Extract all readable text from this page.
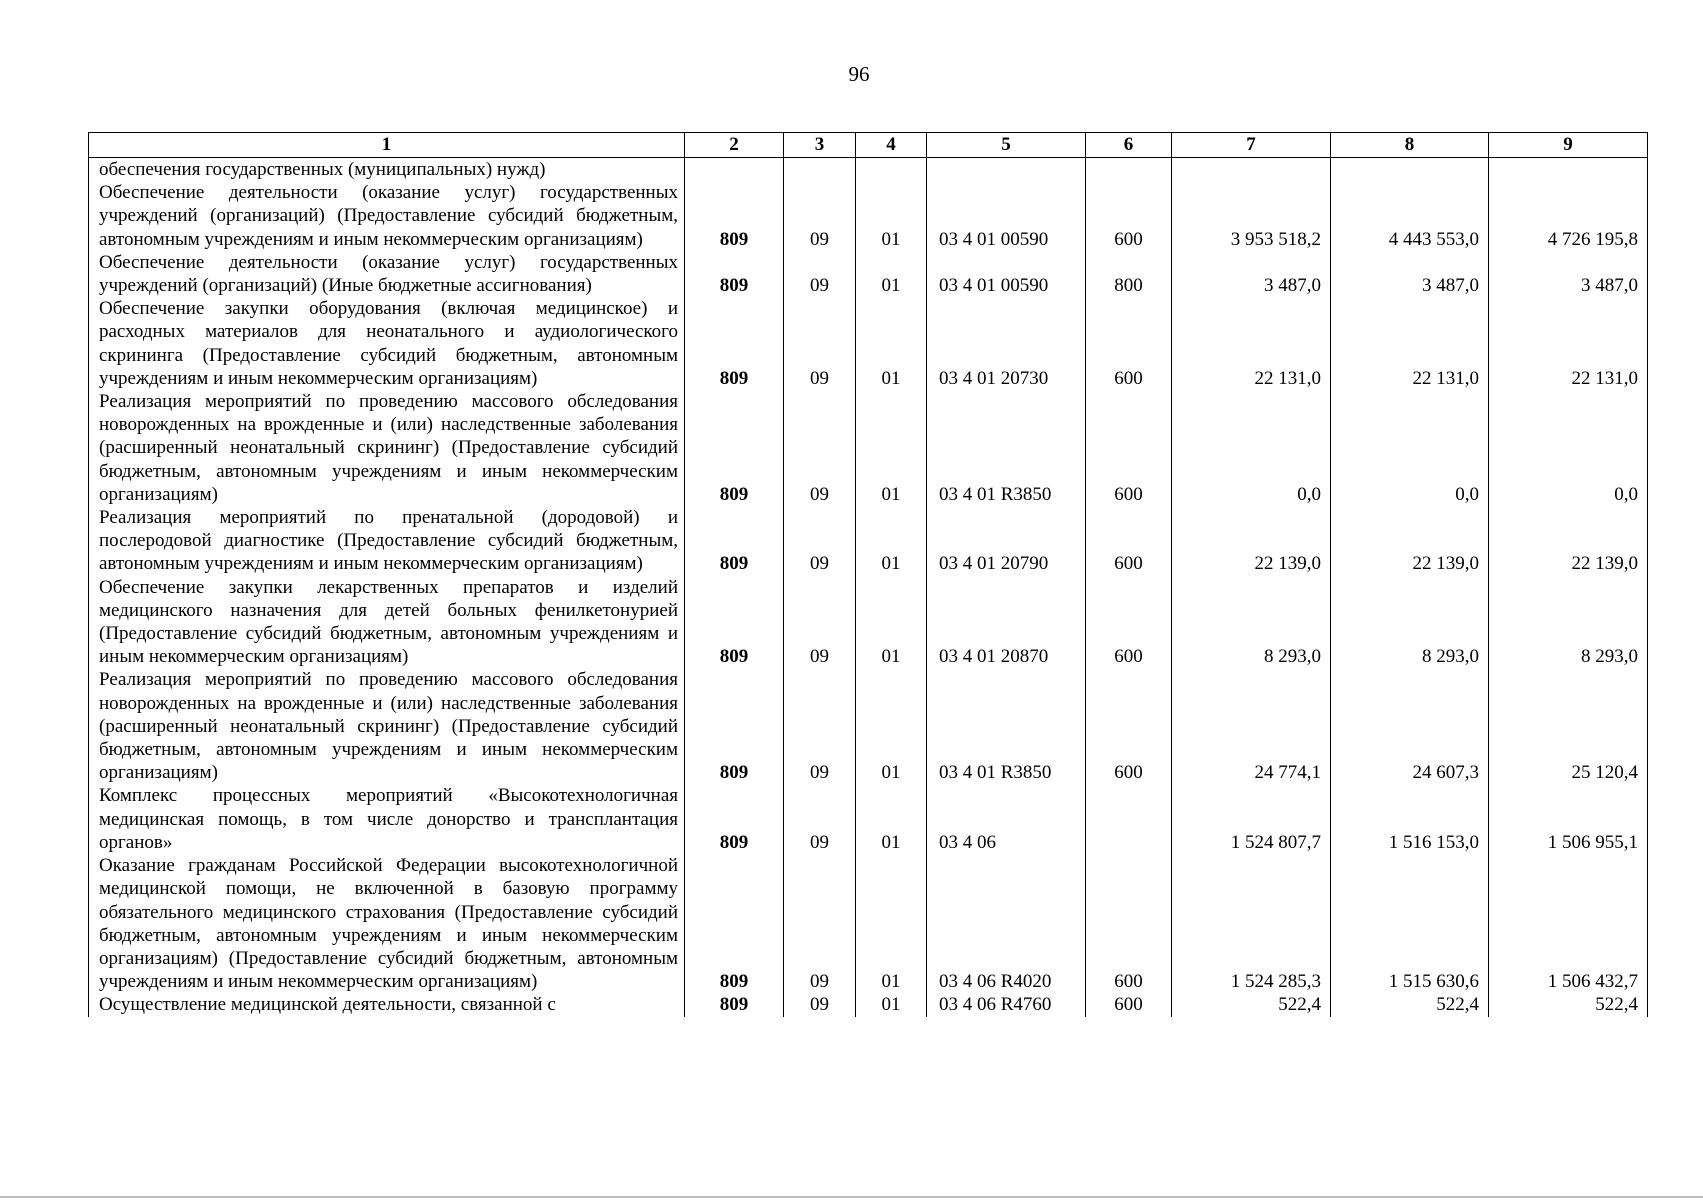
96
1	2	3	4	5	6	7	8	9
обеспечения государственных (муниципальных) нужд)								
Обеспечение деятельности (оказание услуг) государственных учреждений (организаций) (Предоставление субсидий бюджетным, автономным учреждениям и иным некоммерческим организациям)	809	09	01	03 4 01 00590	600	3 953 518,2	4 443 553,0	4 726 195,8
Обеспечение деятельности (оказание услуг) государственных учреждений (организаций) (Иные бюджетные ассигнования)	809	09	01	03 4 01 00590	800	3 487,0	3 487,0	3 487,0
Обеспечение закупки оборудования (включая медицинское) и расходных материалов для неонатального и аудиологического скрининга (Предоставление субсидий бюджетным, автономным учреждениям и иным некоммерческим организациям)	809	09	01	03 4 01 20730	600	22 131,0	22 131,0	22 131,0
Реализация мероприятий по проведению массового обследования новорожденных на врожденные и (или) наследственные заболевания (расширенный неонатальный скрининг) (Предоставление субсидий бюджетным, автономным учреждениям и иным некоммерческим организациям)	809	09	01	03 4 01 R3850	600	0,0	0,0	0,0
Реализация мероприятий по пренатальной (дородовой) и послеродовой диагностике (Предоставление субсидий бюджетным, автономным учреждениям и иным некоммерческим организациям)	809	09	01	03 4 01 20790	600	22 139,0	22 139,0	22 139,0
Обеспечение закупки лекарственных препаратов и изделий медицинского назначения для детей больных фенилкетонурией (Предоставление субсидий бюджетным, автономным учреждениям и иным некоммерческим организациям)	809	09	01	03 4 01 20870	600	8 293,0	8 293,0	8 293,0
Реализация мероприятий по проведению массового обследования новорожденных на врожденные и (или) наследственные заболевания (расширенный неонатальный скрининг) (Предоставление субсидий бюджетным, автономным учреждениям и иным некоммерческим организациям)	809	09	01	03 4 01 R3850	600	24 774,1	24 607,3	25 120,4
Комплекс процессных мероприятий «Высокотехнологичная медицинская помощь, в том числе донорство и трансплантация органов»	809	09	01	03 4 06		1 524 807,7	1 516 153,0	1 506 955,1
Оказание гражданам Российской Федерации высокотехнологичной медицинской помощи, не включенной в базовую программу обязательного медицинского страхования (Предоставление субсидий бюджетным, автономным учреждениям и иным некоммерческим организациям) (Предоставление субсидий бюджетным, автономным учреждениям и иным некоммерческим организациям)	809	09	01	03 4 06 R4020	600	1 524 285,3	1 515 630,6	1 506 432,7
Осуществление медицинской деятельности, связанной с	809	09	01	03 4 06 R4760	600	522,4	522,4	522,4
